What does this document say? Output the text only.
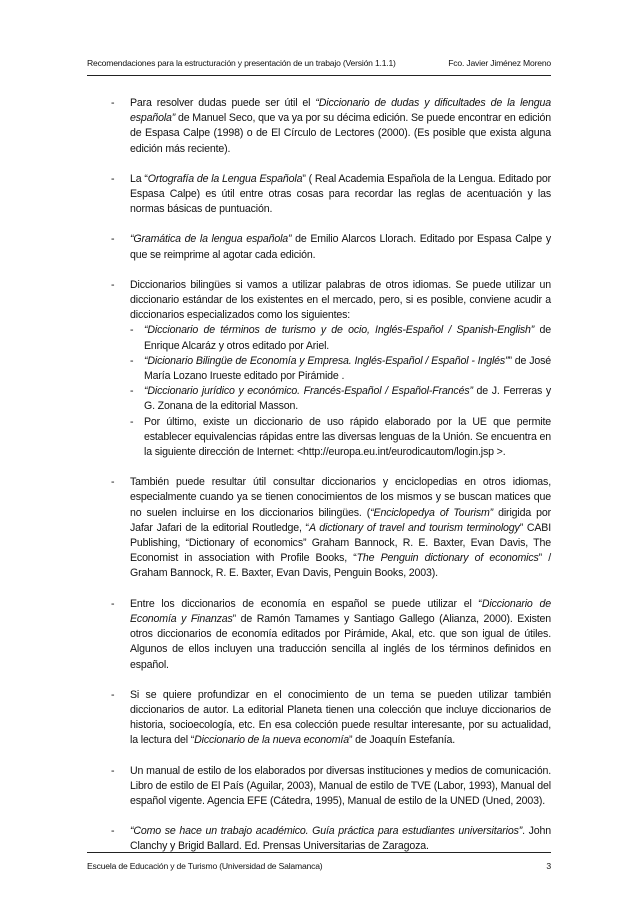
Recomendaciones para la estructuración y presentación de un trabajo (Versión 1.1.1)	Fco. Javier Jiménez Moreno
- Para resolver dudas puede ser útil el “Diccionario de dudas y dificultades de la lengua española” de Manuel Seco, que va ya por su décima edición. Se puede encontrar en edición de Espasa Calpe (1998) o de El Círculo de Lectores (2000). (Es posible que exista alguna edición más reciente).
- La “Ortografía de la Lengua Española” ( Real Academia Española de la Lengua. Editado por Espasa Calpe) es útil entre otras cosas para recordar las reglas de acentuación y las normas básicas de puntuación.
- “Gramática de la lengua española” de Emilio Alarcos Llorach. Editado por Espasa Calpe y que se reimprime al agotar cada edición.
- Diccionarios bilingües si vamos a utilizar palabras de otros idiomas. Se puede utilizar un diccionario estándar de los existentes en el mercado, pero, si es posible, conviene acudir a diccionarios especializados como los siguientes:
- “Diccionario de términos de turismo y de ocio, Inglés-Español / Spanish-English” de Enrique Alcaráz y otros editado por Ariel.
- “Dicionario Bilingüe de Economía y Empresa. Inglés-Español / Español - Inglés”” de José María Lozano Irueste editado por Pirámide .
- “Diccionario jurídico y económico. Francés-Español / Español-Francés” de J. Ferreras y G. Zonana de la editorial Masson.
- Por último, existe un diccionario de uso rápido elaborado por la UE que permite establecer equivalencias rápidas entre las diversas lenguas de la Unión. Se encuentra en la siguiente dirección de Internet: <http://europa.eu.int/eurodicautom/login.jsp >.
- También puede resultar útil consultar diccionarios y enciclopedias en otros idiomas, especialmente cuando ya se tienen conocimientos de los mismos y se buscan matices que no suelen incluirse en los diccionarios bilingües. (“Enciclopedya of Tourism” dirigida por Jafar Jafari de la editorial Routledge, “A dictionary of travel and tourism terminology” CABI Publishing, “Dictionary of economics” Graham Bannock, R. E. Baxter, Evan Davis, The Economist in association with Profile Books, “The Penguin dictionary of economics” / Graham Bannock, R. E. Baxter, Evan Davis, Penguin Books, 2003).
- Entre los diccionarios de economía en español se puede utilizar el “Diccionario de Economía y Finanzas” de Ramón Tamames y Santiago Gallego (Alianza, 2000). Existen otros diccionarios de economía editados por Pirámide, Akal, etc. que son igual de útiles. Algunos de ellos incluyen una traducción sencilla al inglés de los términos definidos en español.
- Si se quiere profundizar en el conocimiento de un tema se pueden utilizar también diccionarios de autor. La editorial Planeta tienen una colección que incluye diccionarios de historia, socioecología, etc. En esa colección puede resultar interesante, por su actualidad, la lectura del “Diccionario de la nueva economía” de Joaquín Estefanía.
- Un manual de estilo de los elaborados por diversas instituciones y medios de comunicación. Libro de estilo de El País (Aguilar, 2003), Manual de estilo de TVE (Labor, 1993), Manual del español vigente. Agencia EFE (Cátedra, 1995), Manual de estilo de la UNED (Uned, 2003).
- “Como se hace un trabajo académico. Guía práctica para estudiantes universitarios”. John Clanchy y Brigid Ballard. Ed. Prensas Universitarias de Zaragoza.
Escuela de Educación y de Turismo (Universidad de Salamanca)	3
